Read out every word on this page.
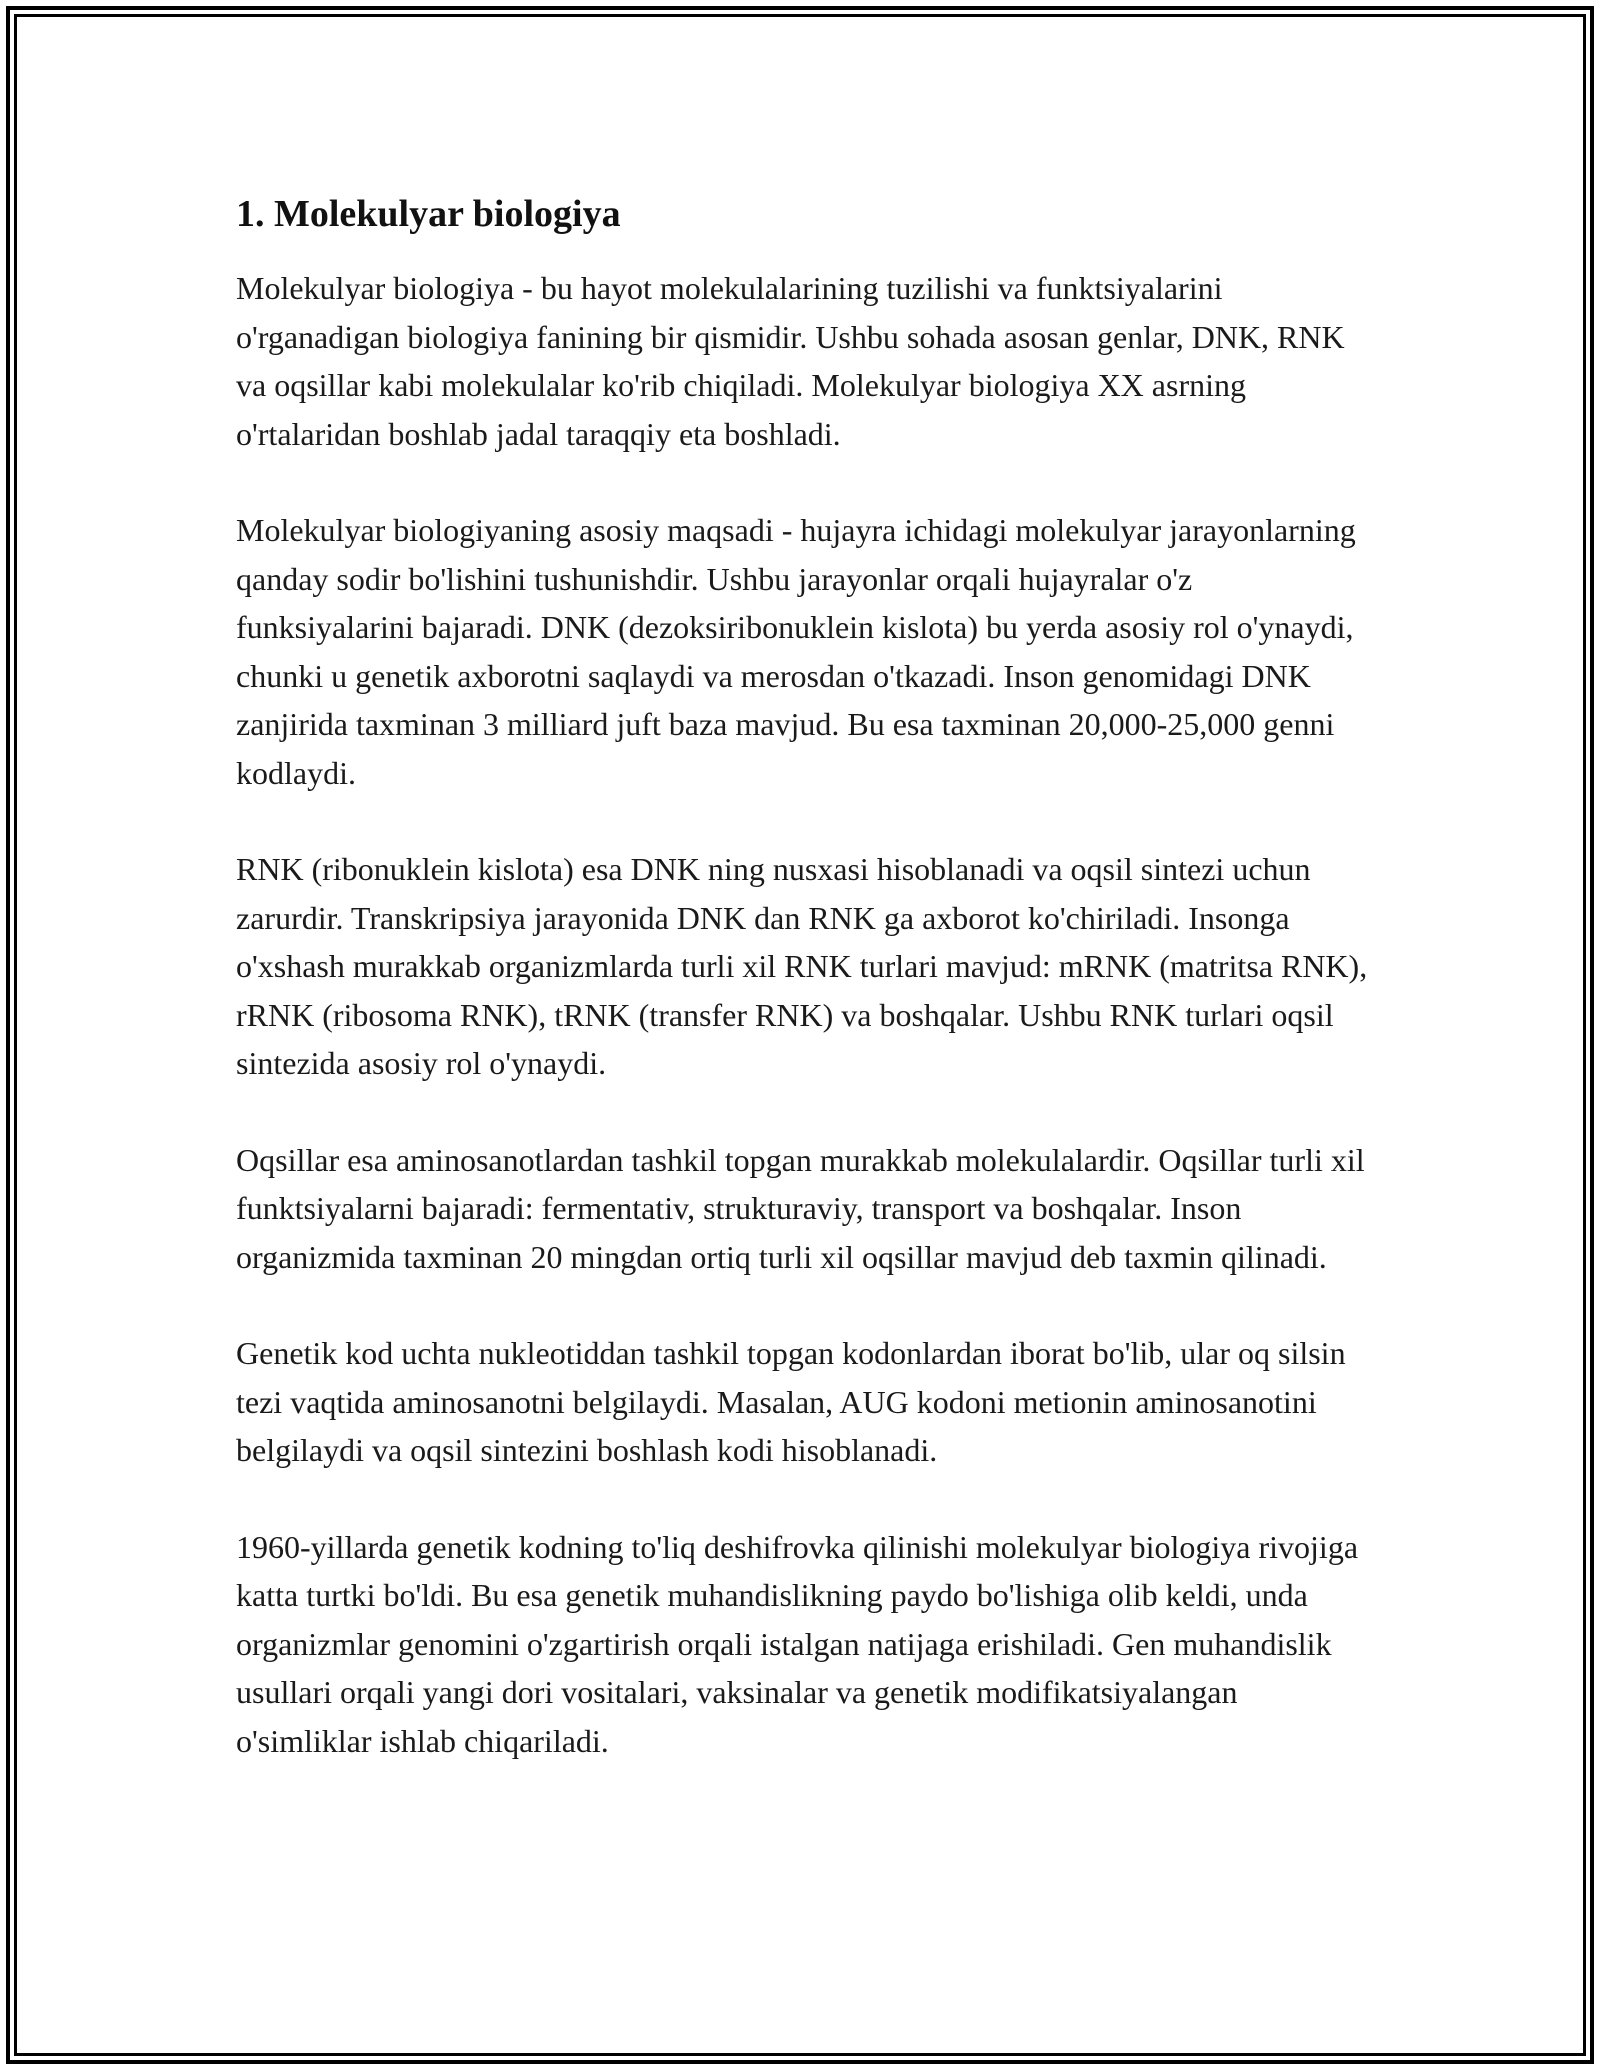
1. Molekulyar biologiya

Molekulyar biologiya - bu hayot molekulalarining tuzilishi va funktsiyalarini o'rganadigan biologiya fanining bir qismidir. Ushbu sohada asosan genlar, DNK, RNK va oqsillar kabi molekulalar ko'rib chiqiladi. Molekulyar biologiya XX asrning o'rtalaridan boshlab jadal taraqqiy eta boshladi.

Molekulyar biologiyaning asosiy maqsadi - hujayra ichidagi molekulyar jarayonlarning qanday sodir bo'lishini tushunishdir. Ushbu jarayonlar orqali hujayralar o'z funksiyalarini bajaradi. DNK (dezoksiribonuklein kislota) bu yerda asosiy rol o'ynaydi, chunki u genetik axborotni saqlaydi va merosdan o'tkazadi. Inson genomidagi DNK zanjirida taxminan 3 milliard juft baza mavjud. Bu esa taxminan 20,000-25,000 genni kodlaydi.

RNK (ribonuklein kislota) esa DNK ning nusxasi hisoblanadi va oqsil sintezi uchun zarurdir. Transkripsiya jarayonida DNK dan RNK ga axborot ko'chiriladi. Insonga o'xshash murakkab organizmlarda turli xil RNK turlari mavjud: mRNK (matritsa RNK), rRNK (ribosoma RNK), tRNK (transfer RNK) va boshqalar. Ushbu RNK turlari oqsil sintezida asosiy rol o'ynaydi.

Oqsillar esa aminosanotlardan tashkil topgan murakkab molekulalardir. Oqsillar turli xil funktsiyalarni bajaradi: fermentativ, strukturaviy, transport va boshqalar. Inson organizmida taxminan 20 mingdan ortiq turli xil oqsillar mavjud deb taxmin qilinadi.

Genetik kod uchta nukleotiddan tashkil topgan kodonlardan iborat bo'lib, ular oq silsin tezi vaqtida aminosanotni belgilaydi. Masalan, AUG kodoni metionin aminosanotini belgilaydi va oqsil sintezini boshlash kodi hisoblanadi.

1960-yillarda genetik kodning to'liq deshifrovka qilinishi molekulyar biologiya rivojiga katta turtki bo'ldi. Bu esa genetik muhandislikning paydo bo'lishiga olib keldi, unda organizmlar genomini o'zgartirish orqali istalgan natijaga erishiladi. Gen muhandislik usullari orqali yangi dori vositalari, vaksinalar va genetik modifikatsiyalangan o'simliklar ishlab chiqariladi.
